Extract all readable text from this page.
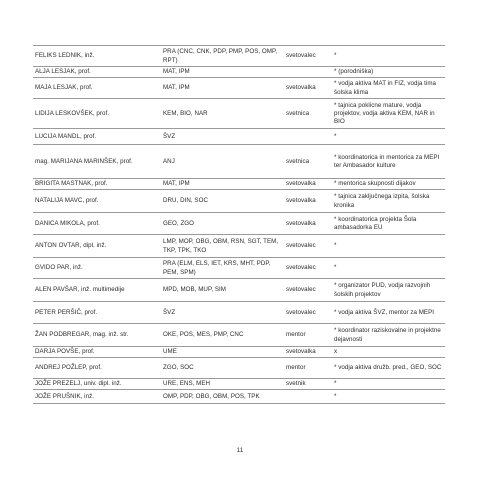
FELIKS LEDNIK, inž.	PRA (CNC, CNK, PDP, PMP, POS, OMP, RPT)	svetovalec	*
ALJA LESJAK, prof.	MAT, IPM		* (porodniška)
MAJA LESJAK, prof.	MAT, IPM	svetovalka	* vodja aktiva MAT in FIZ, vodja tima šolska klima
LIDIJA LESKOVŠEK, prof.	KEM, BIO, NAR	svetnica	* tajnica poklicne mature, vodja projektov, vodja aktiva KEM, NAR in BIO
LUCIJA MANDL, prof.	ŠVZ		*
mag. MARIJANA MARINŠEK, prof.	ANJ	svetnica	* koordinatorica in mentorica za MEPI ter Ambasador kulture
BRIGITA MASTNAK, prof.	MAT, IPM	svetovalka	* mentorica skupnosti dijakov
NATALIJA MAVC, prof.	DRU, DIN, SOC	svetovalka	* tajnica zaključnega izpita, šolska kronika
DANICA MIKOLA, prof.	GEO, ZGO	svetovalka	* koordinatorica projekta Šola ambasadorka EU
ANTON OVTAR, dipl. inž.	LMP, MOP, OBG, OBM, RSN, SGT, TEM, TKP, TPK, TKO	svetovalec	*
GVIDO PAR, inž.	PRA (ELM, ELS, IET, KRS, MHT, PDP, PEM, SPM)	svetovalec	*
ALEN PAVŠAR, inž. multimedije	MPD, MOB, MUP, SIM	svetovalec	* organizator PUD, vodja razvojnih šolskih projektov
PETER PERŠIČ, prof.	ŠVZ	svetovalec	* vodja aktiva ŠVZ, mentor za MEPI
ŽAN PODBREGAR, mag. inž. str.	OKE, POS, MES, PMP, CNC	mentor	* koordinator raziskovalne in projektne dejavnosti
DARJA POVŠE, prof.	UME	svetovalka	x
ANDREJ POŽLEP, prof.	ZGO, SOC	mentor	* vodja aktiva družb. pred., GEO, SOC
JOŽE PREZELJ, univ. dipl. inž.	URE, ENS, MEH	svetnik	*
JOŽE PRUŠNIK, inž.	OMP, PDP, OBG, OBM, POS, TPK		*
11
